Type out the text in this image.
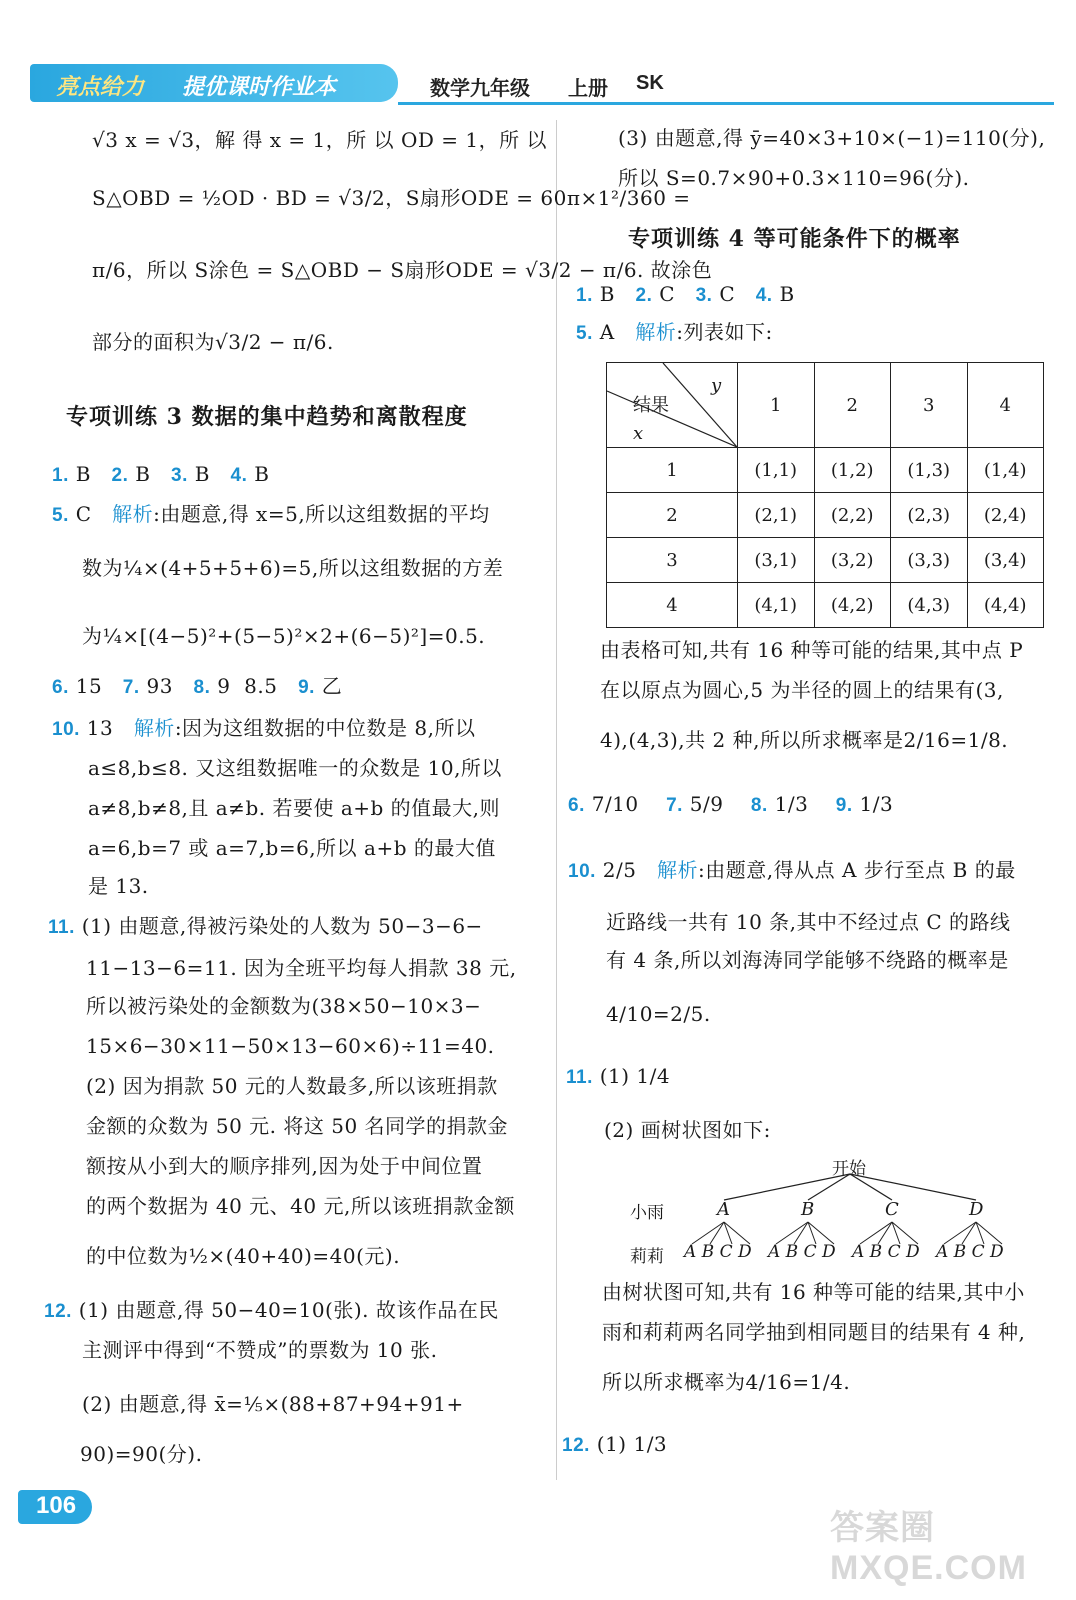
亮点给力 提优课时作业本	数学九年级 上册 SK
√3 x = √3，解 得 x = 1，所 以 OD = 1，所 以
S△OBD = ½OD · BD = √3/2，S扇形ODE = 60π×1²/360 =
π/6，所以 S涂色 = S△OBD − S扇形ODE = √3/2 − π/6. 故涂色
部分的面积为√3/2 − π/6.
专项训练 3 数据的集中趋势和离散程度
1. B 2. B 3. B 4. B
5. C 解析:由题意,得 x=5,所以这组数据的平均
数为¼×(4+5+5+6)=5,所以这组数据的方差
为¼×[(4−5)²+(5−5)²×2+(6−5)²]=0.5.
6. 15 7. 93 8. 9 8.5 9. 乙
10. 13 解析:因为这组数据的中位数是 8,所以
a≤8,b≤8. 又这组数据唯一的众数是 10,所以
a≠8,b≠8,且 a≠b. 若要使 a+b 的值最大,则
a=6,b=7 或 a=7,b=6,所以 a+b 的最大值
是 13.
11. (1) 由题意,得被污染处的人数为 50−3−6−
11−13−6=11. 因为全班平均每人捐款 38 元,
所以被污染处的金额数为(38×50−10×3−
15×6−30×11−50×13−60×6)÷11=40.
(2) 因为捐款 50 元的人数最多,所以该班捐款
金额的众数为 50 元. 将这 50 名同学的捐款金
额按从小到大的顺序排列,因为处于中间位置
的两个数据为 40 元、40 元,所以该班捐款金额
的中位数为½×(40+40)=40(元).
12. (1) 由题意,得 50−40=10(张). 故该作品在民
主测评中得到“不赞成”的票数为 10 张.
(2) 由题意,得 x̄=⅕×(88+87+94+91+
90)=90(分).
(3) 由题意,得 ȳ=40×3+10×(−1)=110(分),
所以 S=0.7×90+0.3×110=96(分).
专项训练 4 等可能条件下的概率
1. B 2. C 3. C 4. B
5. A 解析:列表如下:
结果
x
y	1	2	3	4
1	(1,1)	(1,2)	(1,3)	(1,4)
2	(2,1)	(2,2)	(2,3)	(2,4)
3	(3,1)	(3,2)	(3,3)	(3,4)
4	(4,1)	(4,2)	(4,3)	(4,4)
由表格可知,共有 16 种等可能的结果,其中点 P
在以原点为圆心,5 为半径的圆上的结果有(3,
4),(4,3),共 2 种,所以所求概率是2/16=1/8.
6. 7/10 7. 5/9 8. 1/3 9. 1/3
10. 2/5 解析:由题意,得从点 A 步行至点 B 的最
近路线一共有 10 条,其中不经过点 C 的路线
有 4 条,所以刘海涛同学能够不绕路的概率是
4/10=2/5.
11. (1) 1/4
(2) 画树状图如下:
开始
小雨	A	B	C	D
莉莉 A B C D A B C D A B C D A B C D
由树状图可知,共有 16 种等可能的结果,其中小
雨和莉莉两名同学抽到相同题目的结果有 4 种,
所以所求概率为4/16=1/4.
12. (1) 1/3
106
答案圈 MXQE.COM
